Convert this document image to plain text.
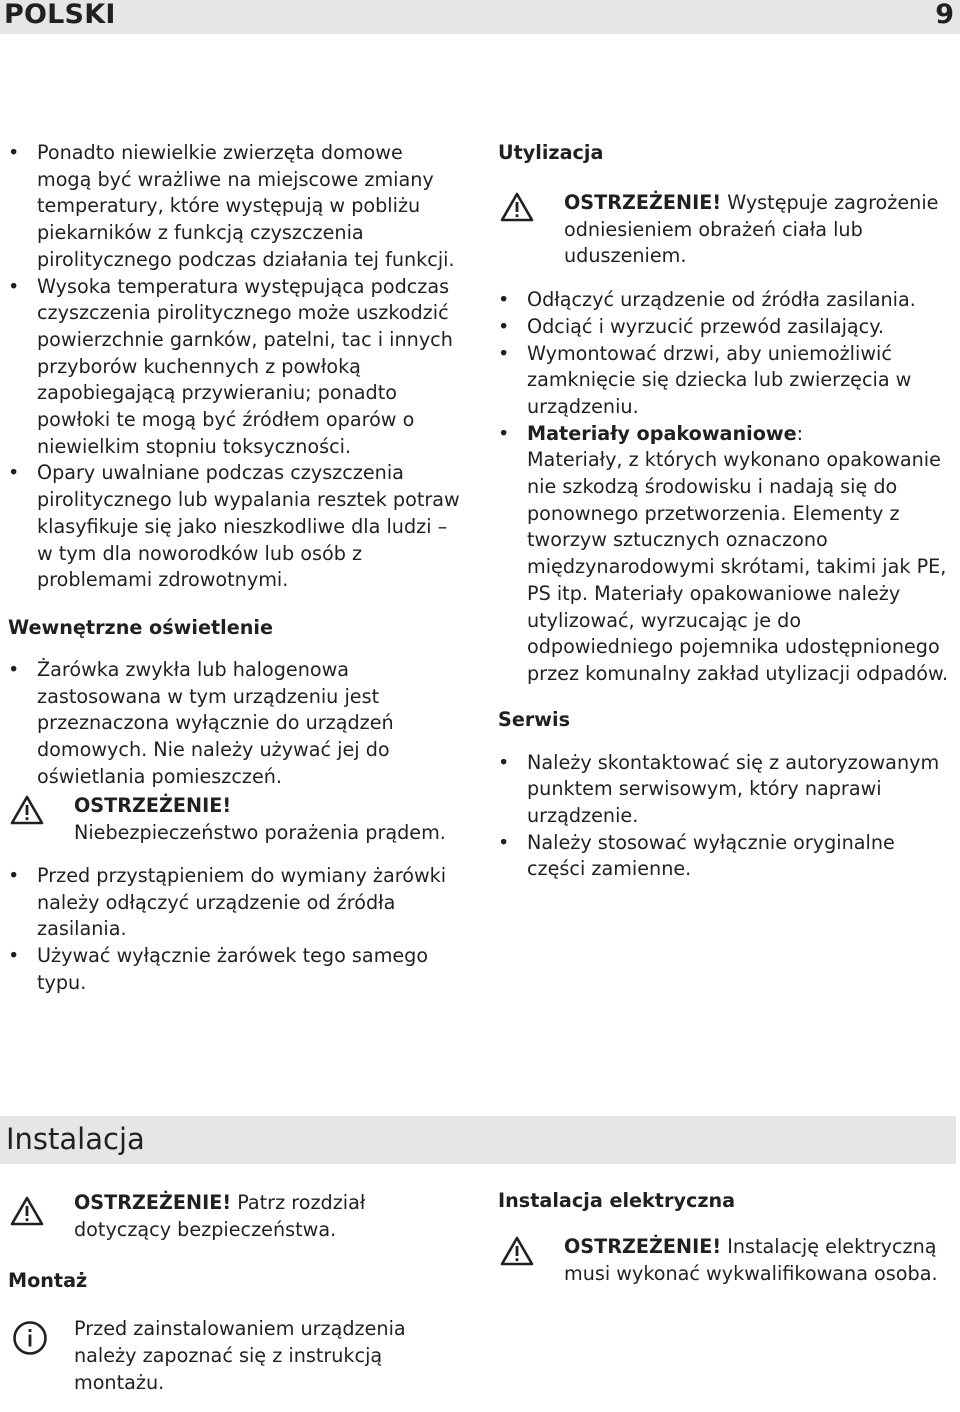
POLSKI	9
• Ponadto niewielkie zwierzęta domowe mogą być wrażliwe na miejscowe zmiany temperatury, które występują w pobliżu piekarników z funkcją czyszczenia pirolitycznego podczas działania tej funkcji.
• Wysoka temperatura występująca podczas czyszczenia pirolitycznego może uszkodzić powierzchnie garnków, patelni, tac i innych przyborów kuchennych z powłoką zapobiegającą przywieraniu; ponadto powłoki te mogą być źródłem oparów o niewielkim stopniu toksyczności.
• Opary uwalniane podczas czyszczenia pirolitycznego lub wypalania resztek potraw klasyfikuje się jako nieszkodliwe dla ludzi – w tym dla noworodków lub osób z problemami zdrowotnymi.
Wewnętrzne oświetlenie
• Żarówka zwykła lub halogenowa zastosowana w tym urządzeniu jest przeznaczona wyłącznie do urządzeń domowych. Nie należy używać jej do oświetlania pomieszczeń.
OSTRZEŻENIE!
Niebezpieczeństwo porażenia prądem.
• Przed przystąpieniem do wymiany żarówki należy odłączyć urządzenie od źródła zasilania.
• Używać wyłącznie żarówek tego samego typu.
Utylizacja
OSTRZEŻENIE! Występuje zagrożenie odniesieniem obrażeń ciała lub uduszeniem.
• Odłączyć urządzenie od źródła zasilania.
• Odciąć i wyrzucić przewód zasilający.
• Wymontować drzwi, aby uniemożliwić zamknięcie się dziecka lub zwierzęcia w urządzeniu.
• Materiały opakowaniowe:
Materiały, z których wykonano opakowanie nie szkodzą środowisku i nadają się do ponownego przetworzenia. Elementy z tworzyw sztucznych oznaczono międzynarodowymi skrótami, takimi jak PE, PS itp. Materiały opakowaniowe należy utylizować, wyrzucając je do odpowiedniego pojemnika udostępnionego przez komunalny zakład utylizacji odpadów.
Serwis
• Należy skontaktować się z autoryzowanym punktem serwisowym, który naprawi urządzenie.
• Należy stosować wyłącznie oryginalne części zamienne.
Instalacja
OSTRZEŻENIE! Patrz rozdział dotyczący bezpieczeństwa.
Montaż
Przed zainstalowaniem urządzenia należy zapoznać się z instrukcją montażu.
Instalacja elektryczna
OSTRZEŻENIE! Instalację elektryczną musi wykonać wykwalifikowana osoba.
